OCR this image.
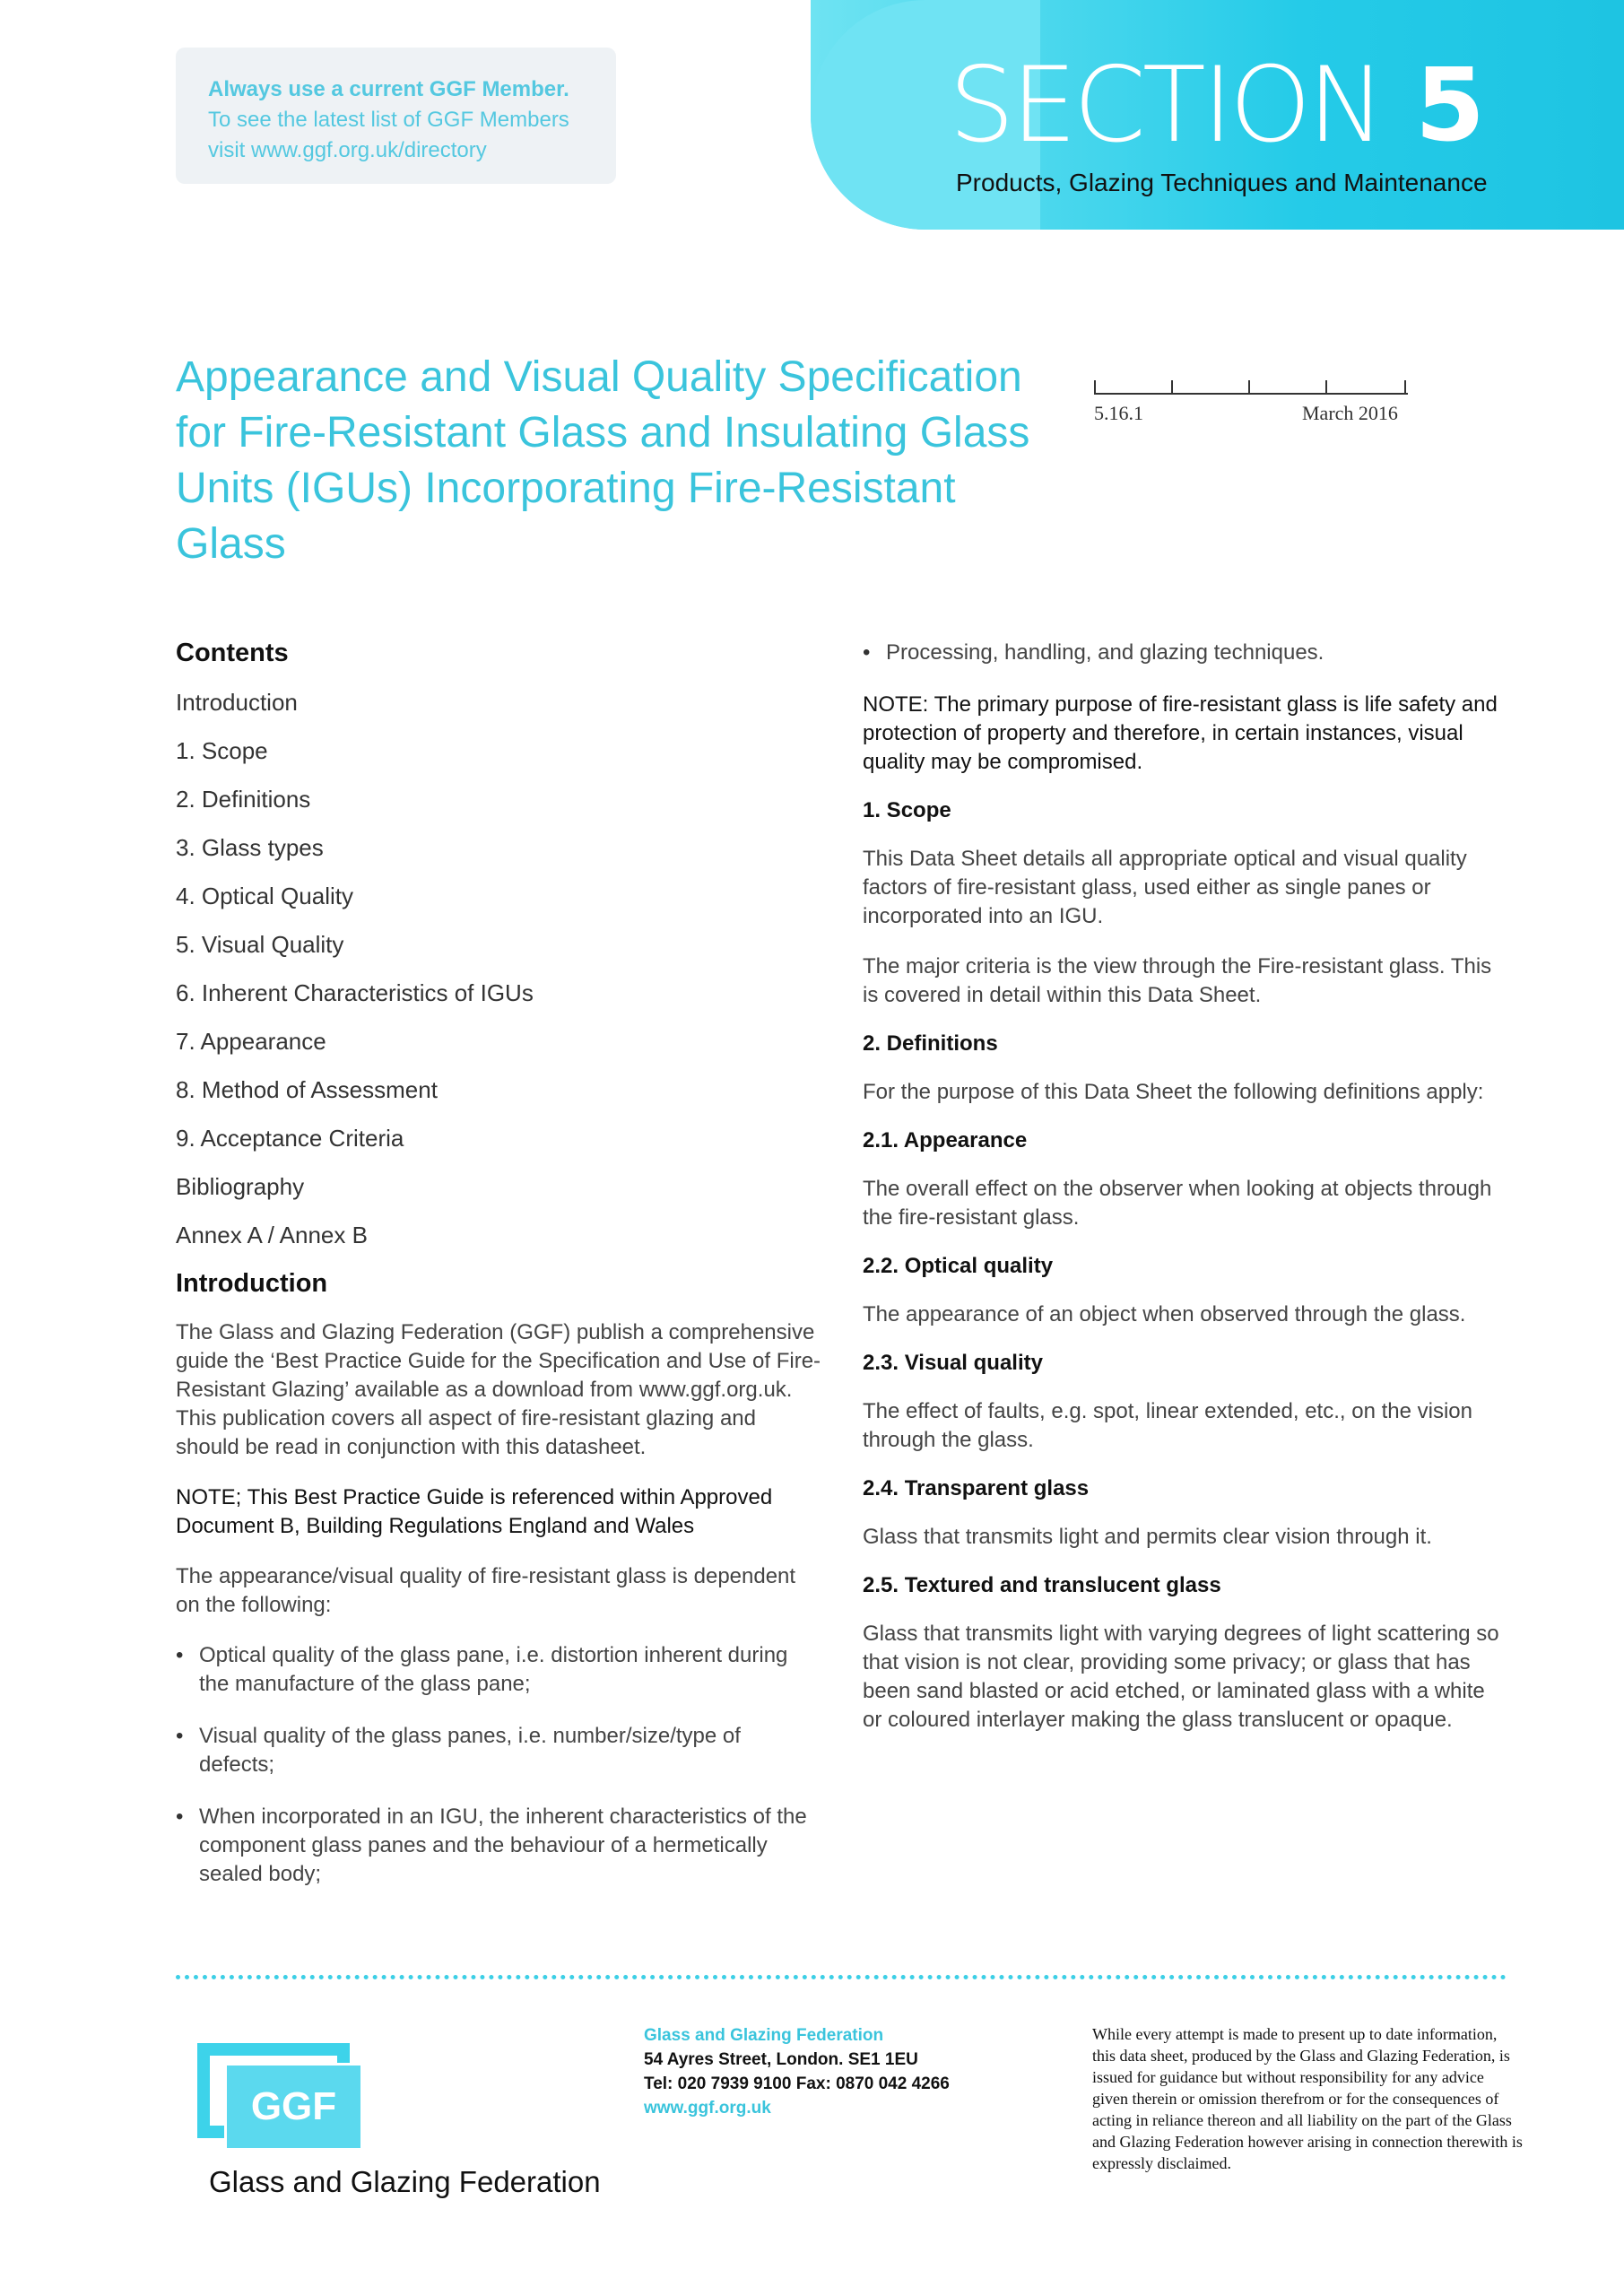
Always use a current GGF Member.
To see the latest list of GGF Members
visit www.ggf.org.uk/directory	SECTION 5
Products, Glazing Techniques and Maintenance
Appearance and Visual Quality Specification for Fire-Resistant Glass and Insulating Glass Units (IGUs) Incorporating Fire-Resistant Glass
5.16.1	March 2016
Contents
Introduction
1. Scope
2. Definitions
3. Glass types
4. Optical Quality
5. Visual Quality
6. Inherent Characteristics of IGUs
7. Appearance
8. Method of Assessment
9. Acceptance Criteria
Bibliography
Annex A / Annex B
Introduction

The Glass and Glazing Federation (GGF) publish a comprehensive guide the ‘Best Practice Guide for the Specification and Use of Fire-Resistant Glazing’ available as a download from www.ggf.org.uk. This publication covers all aspect of fire-resistant glazing and should be read in conjunction with this datasheet.

NOTE; This Best Practice Guide is referenced within Approved Document B, Building Regulations England and Wales

The appearance/visual quality of fire-resistant glass is dependent on the following:

• Optical quality of the glass pane, i.e. distortion inherent during the manufacture of the glass pane;
• Visual quality of the glass panes, i.e. number/size/type of defects;
• When incorporated in an IGU, the inherent characteristics of the component glass panes and the behaviour of a hermetically sealed body;
• Processing, handling, and glazing techniques.

NOTE: The primary purpose of fire-resistant glass is life safety and protection of property and therefore, in certain instances, visual quality may be compromised.

1. Scope

This Data Sheet details all appropriate optical and visual quality factors of fire-resistant glass, used either as single panes or incorporated into an IGU.

The major criteria is the view through the Fire-resistant glass. This is covered in detail within this Data Sheet.

2. Definitions

For the purpose of this Data Sheet the following definitions apply:

2.1. Appearance

The overall effect on the observer when looking at objects through the fire-resistant glass.

2.2. Optical quality

The appearance of an object when observed through the glass.

2.3. Visual quality

The effect of faults, e.g. spot, linear extended, etc., on the vision through the glass.

2.4. Transparent glass

Glass that transmits light and permits clear vision through it.

2.5. Textured and translucent glass

Glass that transmits light with varying degrees of light scattering so that vision is not clear, providing some privacy; or glass that has been sand blasted or acid etched, or laminated glass with a white or coloured interlayer making the glass translucent or opaque.

GGF
Glass and Glazing Federation
Glass and Glazing Federation
54 Ayres Street, London. SE1 1EU
Tel: 020 7939 9100 Fax: 0870 042 4266
www.ggf.org.uk
While every attempt is made to present up to date information, this data sheet, produced by the Glass and Glazing Federation, is issued for guidance but without responsibility for any advice given therein or omission therefrom or for the consequences of acting in reliance thereon and all liability on the part of the Glass and Glazing Federation however arising in connection therewith is expressly disclaimed.
